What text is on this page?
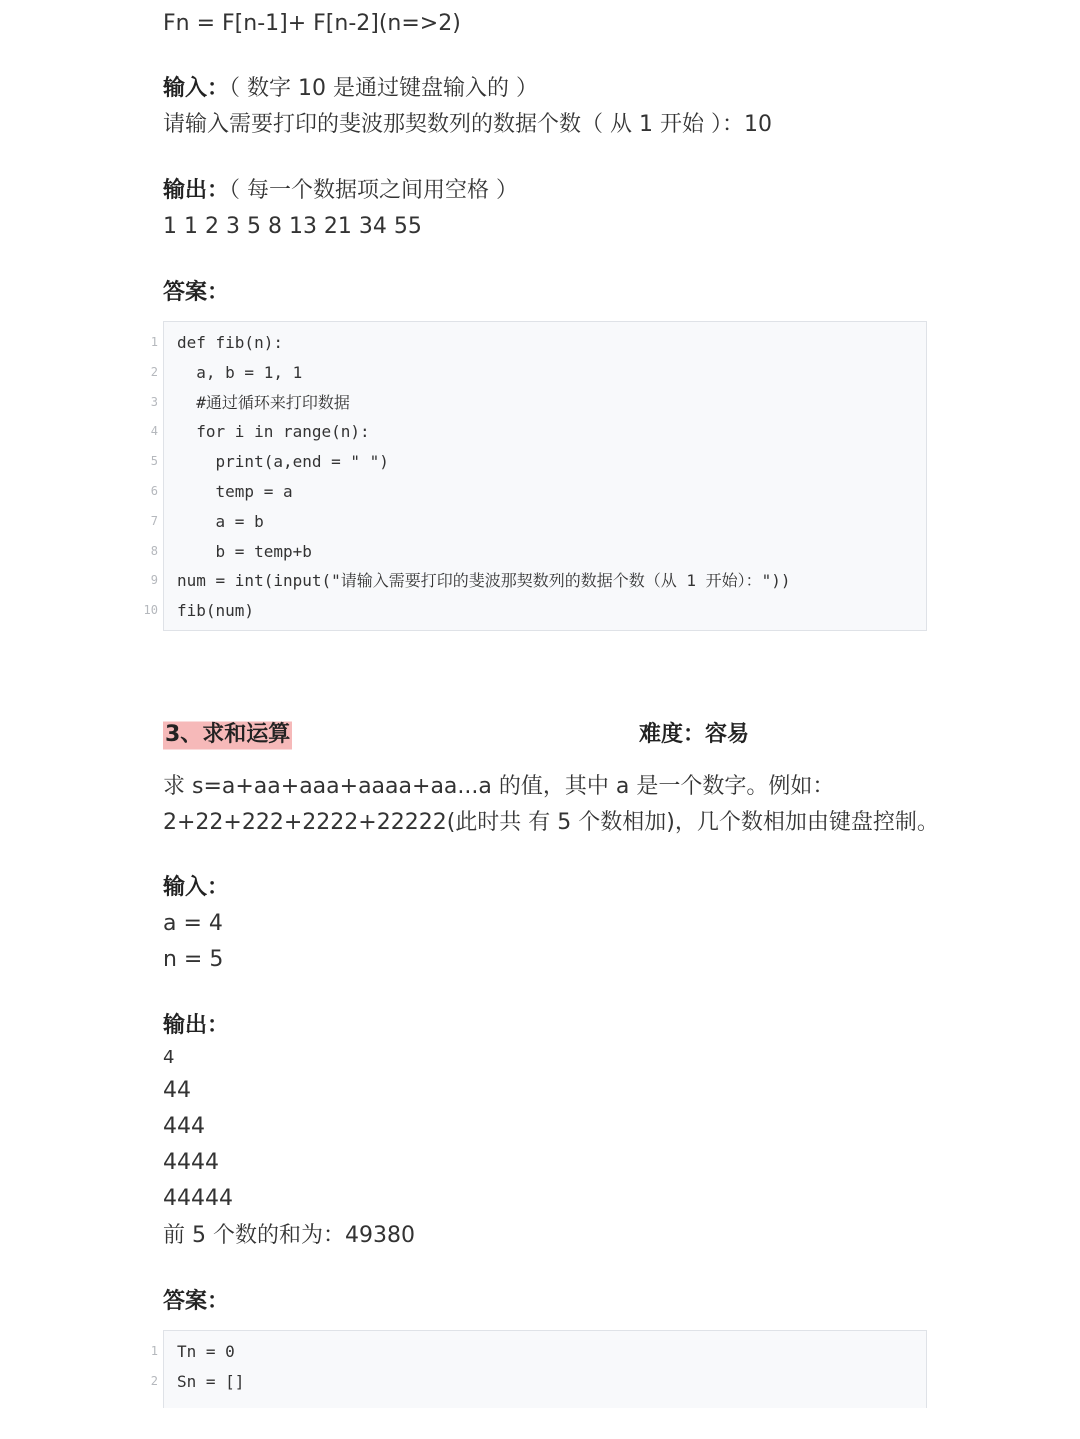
Fn = F[n-1]+ F[n-2](n=>2)
输入：（ 数字 10 是通过键盘输入的 ）
请输入需要打印的斐波那契数列的数据个数（ 从 1 开始 ）：10
输出：（ 每一个数据项之间用空格 ）
1 1 2 3 5 8 13 21 34 55
答案：
def fib(n):
a, b = 1, 1
#通过循环来打印数据
for i in range(n):
print(a,end = " ")
temp = a
a = b
b = temp+b
num = int(input("请输入需要打印的斐波那契数列的数据个数（从 1 开始）："))
fib(num)
1
2
3
4
5
6
7
8
9
10
3、求和运算	难度：容易
求 s=a+aa+aaa+aaaa+aa...a 的值，其中 a 是一个数字。例如：
2+22+222+2222+22222(此时共 有 5 个数相加)，几个数相加由键盘控制。
输入：
a = 4
n = 5
输出：
4
44
444
4444
44444
前 5 个数的和为：49380
答案：
Tn = 0
Sn = []
1
2
